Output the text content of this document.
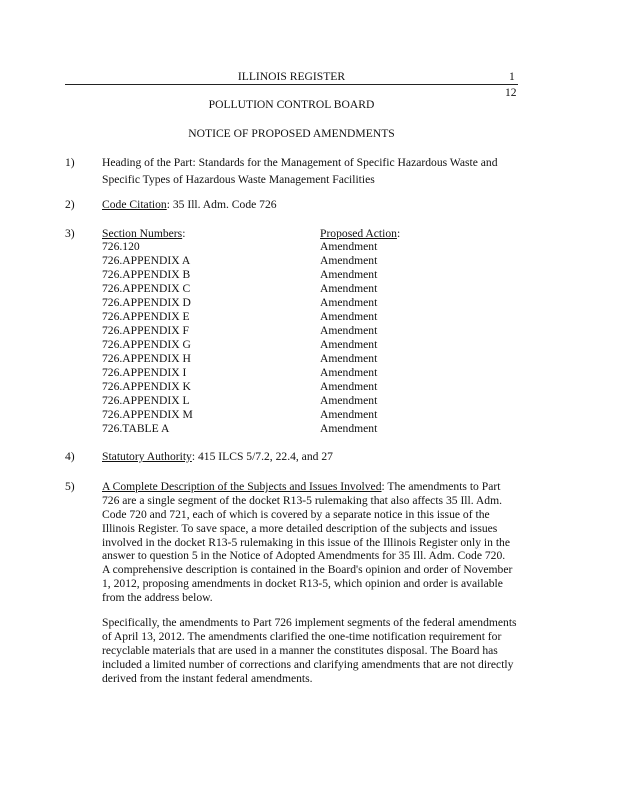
ILLINOIS REGISTER	1
12
POLLUTION CONTROL BOARD
NOTICE OF PROPOSED AMENDMENTS
1) Heading of the Part: Standards for the Management of Specific Hazardous Waste and
Specific Types of Hazardous Waste Management Facilities
2) Code Citation: 35 Ill. Adm. Code 726
3) Section Numbers:	Proposed Action:
726.120	Amendment
726.APPENDIX A	Amendment
726.APPENDIX B	Amendment
726.APPENDIX C	Amendment
726.APPENDIX D	Amendment
726.APPENDIX E	Amendment
726.APPENDIX F	Amendment
726.APPENDIX G	Amendment
726.APPENDIX H	Amendment
726.APPENDIX I	Amendment
726.APPENDIX K	Amendment
726.APPENDIX L	Amendment
726.APPENDIX M	Amendment
726.TABLE A	Amendment
4) Statutory Authority: 415 ILCS 5/7.2, 22.4, and 27
5) A Complete Description of the Subjects and Issues Involved: The amendments to Part
726 are a single segment of the docket R13-5 rulemaking that also affects 35 Ill. Adm.
Code 720 and 721, each of which is covered by a separate notice in this issue of the
Illinois Register. To save space, a more detailed description of the subjects and issues
involved in the docket R13-5 rulemaking in this issue of the Illinois Register only in the
answer to question 5 in the Notice of Adopted Amendments for 35 Ill. Adm. Code 720.
A comprehensive description is contained in the Board's opinion and order of November
1, 2012, proposing amendments in docket R13-5, which opinion and order is available
from the address below.
Specifically, the amendments to Part 726 implement segments of the federal amendments
of April 13, 2012. The amendments clarified the one-time notification requirement for
recyclable materials that are used in a manner the constitutes disposal. The Board has
included a limited number of corrections and clarifying amendments that are not directly
derived from the instant federal amendments.
